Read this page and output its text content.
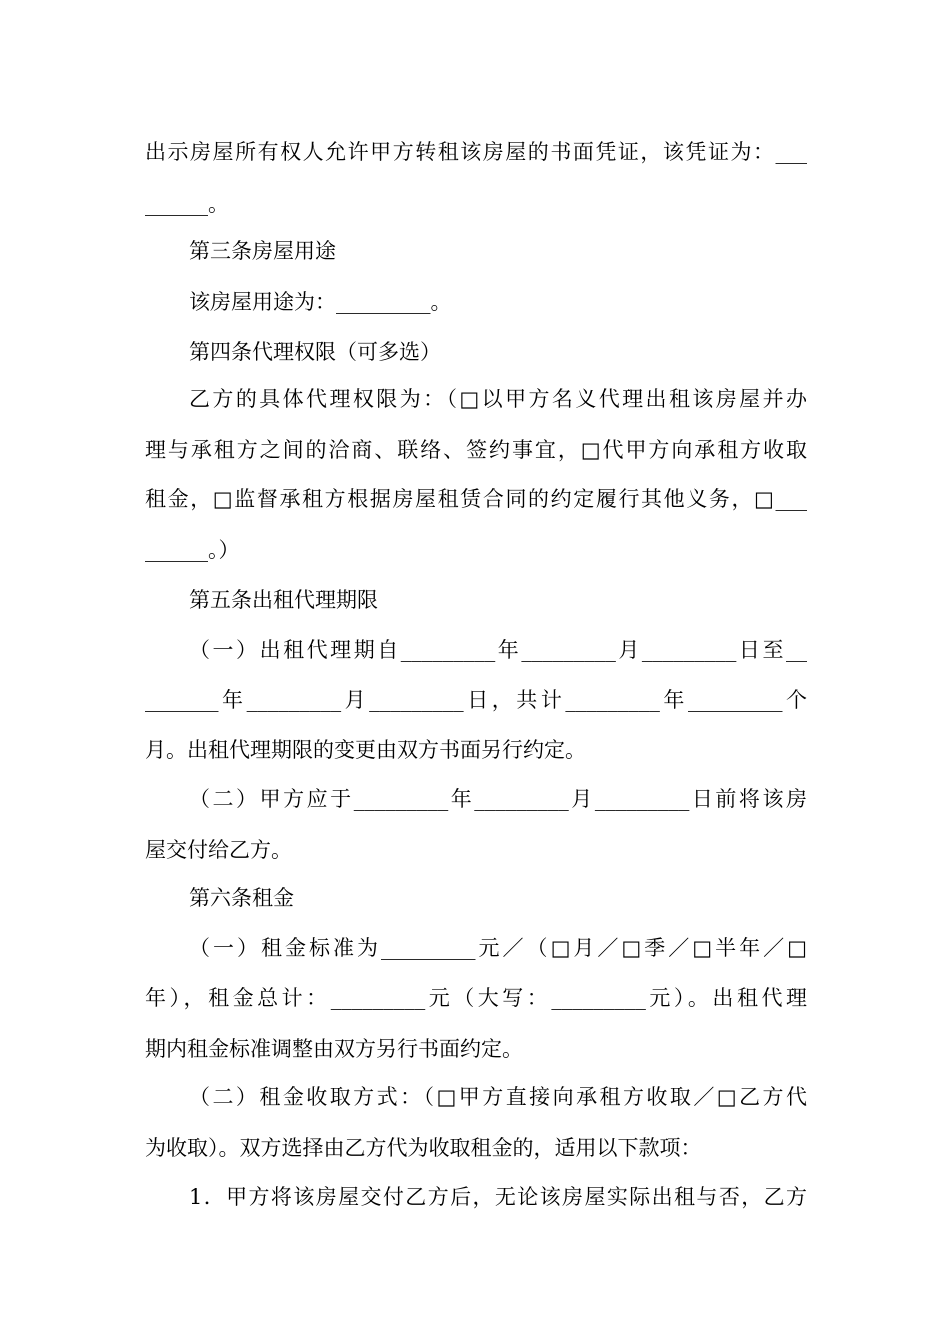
出示房屋所有权人允许甲方转租该房屋的书面凭证，该凭证为：___
______。
第三条房屋用途
该房屋用途为：_________。
第四条代理权限（可多选）
乙方的具体代理权限为：（□以甲方名义代理出租该房屋并办
理与承租方之间的洽商、联络、签约事宜，□代甲方向承租方收取
租金，□监督承租方根据房屋租赁合同的约定履行其他义务，□___
______。）
第五条出租代理期限
（一）出租代理期自_________年_________月_________日至__
_______年_________月_________日，共计_________年_________个
月。出租代理期限的变更由双方书面另行约定。
（二）甲方应于_________年_________月_________日前将该房
屋交付给乙方。
第六条租金
（一）租金标准为_________元／（□月／□季／□半年／□
年），租金总计：_________元（大写：_________元）。出租代理
期内租金标准调整由双方另行书面约定。
（二）租金收取方式：（□甲方直接向承租方收取／□乙方代
为收取）。双方选择由乙方代为收取租金的，适用以下款项：
1．甲方将该房屋交付乙方后，无论该房屋实际出租与否，乙方
